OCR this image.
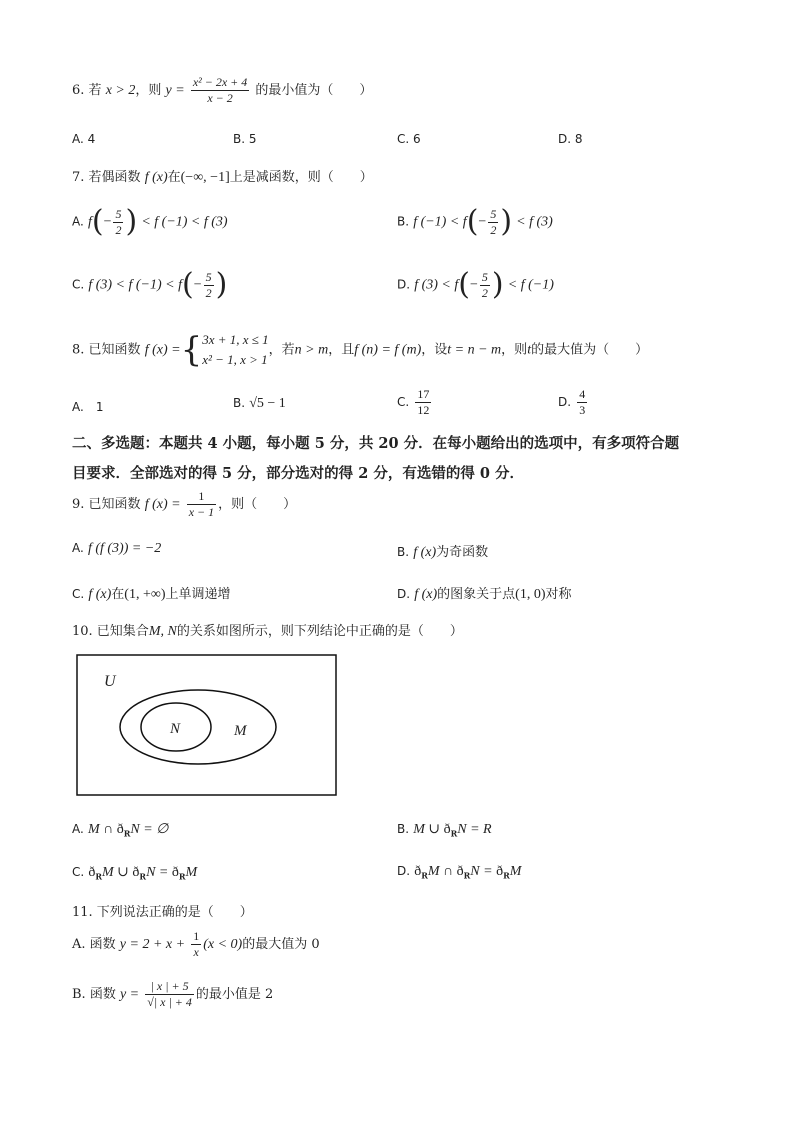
6. 若 x > 2，则 $y = \frac{\text{x² − 2x + 4}}{x - 2}$ 的最小值为（　　）
A. 4	B. 5	C. 6	D. 8
7. 若偶函数 f (x)在(−∞, −1]上是减函数，则（　　）
A. $f(- \frac{5}{2}$ ) < f (−1) < f (3)	B. f $(-1) < f(- \frac{5}{2}$ ) < f (3)
C. f (3) < f $(-1) < f(- \frac{5}{2}$ )	D. f $(3) < f(- \frac{5}{2}$ ) < f (−1)
8. 已知函数 f (x) ={ 3x + 1, x ≤ 1
x² − 1, x > 1
，若n > m，且f (n) = f (m)，设t = n − m，则t的最大值为（　　）
A.　1	B. √5 − 1	C. $\frac{17}{12}$	D. $\frac{4}{3}$
二、多选题：本题共 4 小题，每小题 5 分，共 20 分．在每小题给出的选项中，有多项符合题
目要求．全部选对的得 5 分，部分选对的得 2 分，有选错的得 0 分．
9. 已知函数 f $(x) = \frac{1}{x - 1}$ ，则（　　）
A. f (f (3)) = −2	B. f (x)为奇函数
C. f (x)在(1, +∞)上单调递增	D. f (x)的图象关于点(1, 0)对称
10. 已知集合M, N的关系如图所示，则下列结论中正确的是（　　）
U
N	M
A. M ∩ $ð_RN$ = ∅	B. M ∪ $ð_RN = R$
C. $ð_RM$ ∪ $ð_RN$ = $ð_RM$	D. $ð_RM$ ∩ $ð_RN$ = $ð_RM$
11. 下列说法正确的是（　　）
A. 函数 $y = 2 + x + \frac{1}{x} (x < 0)$的最大值为 0
B. 函数 $y = \frac{| x | + 5}{√| x | + 4}$ 的最小值是 2
